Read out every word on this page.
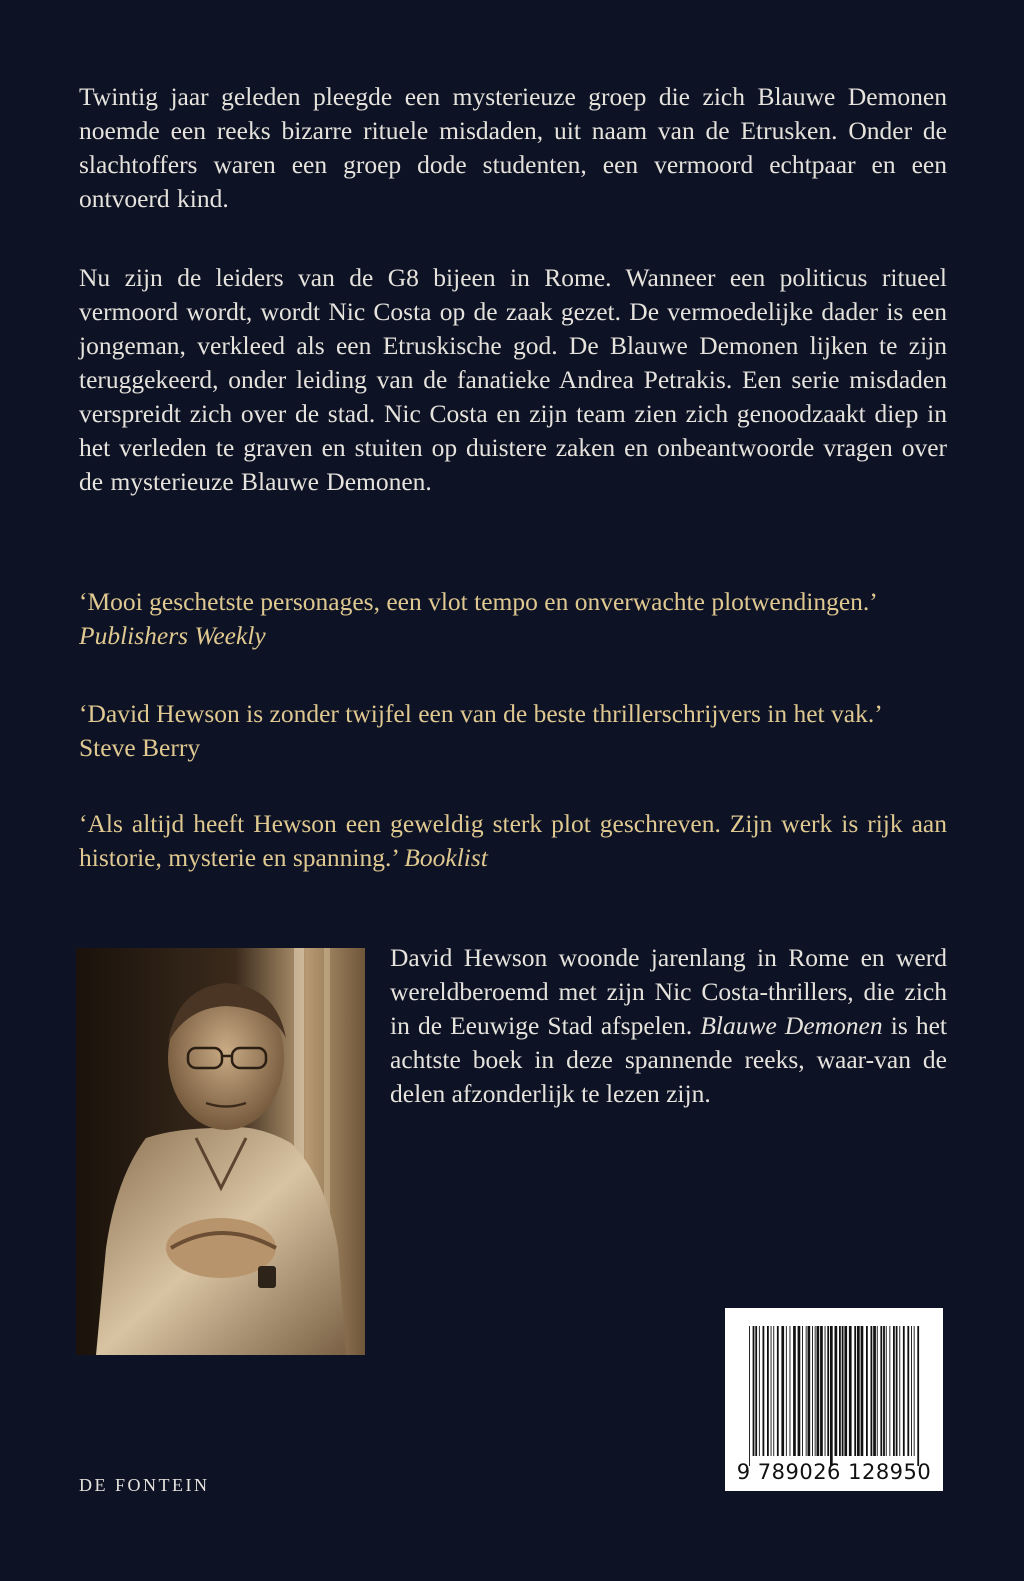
Twintig jaar geleden pleegde een mysterieuze groep die zich Blauwe Demonen noemde een reeks bizarre rituele misdaden, uit naam van de Etrusken. Onder de slachtoffers waren een groep dode studenten, een vermoord echtpaar en een ontvoerd kind.

Nu zijn de leiders van de G8 bijeen in Rome. Wanneer een politicus ritueel vermoord wordt, wordt Nic Costa op de zaak gezet. De vermoedelijke dader is een jongeman, verkleed als een Etruskische god. De Blauwe Demonen lijken te zijn teruggekeerd, onder leiding van de fanatieke Andrea Petrakis. Een serie misdaden verspreidt zich over de stad. Nic Costa en zijn team zien zich genoodzaakt diep in het verleden te graven en stuiten op duistere zaken en onbeantwoorde vragen over de mysterieuze Blauwe Demonen.

‘Mooi geschetste personages, een vlot tempo en onverwachte plotwendingen.’
Publishers Weekly

‘David Hewson is zonder twijfel een van de beste thrillerschrijvers in het vak.’
Steve Berry

‘Als altijd heeft Hewson een geweldig sterk plot geschreven. Zijn werk is rijk aan historie, mysterie en spanning.’ Booklist

David Hewson woonde jarenlang in Rome en werd wereldberoemd met zijn Nic Costa-thrillers, die zich in de Eeuwige Stad afspelen. Blauwe Demonen is het achtste boek in deze spannende reeks, waar-van de delen afzonderlijk te lezen zijn.

DE FONTEIN
9 789026 128950
